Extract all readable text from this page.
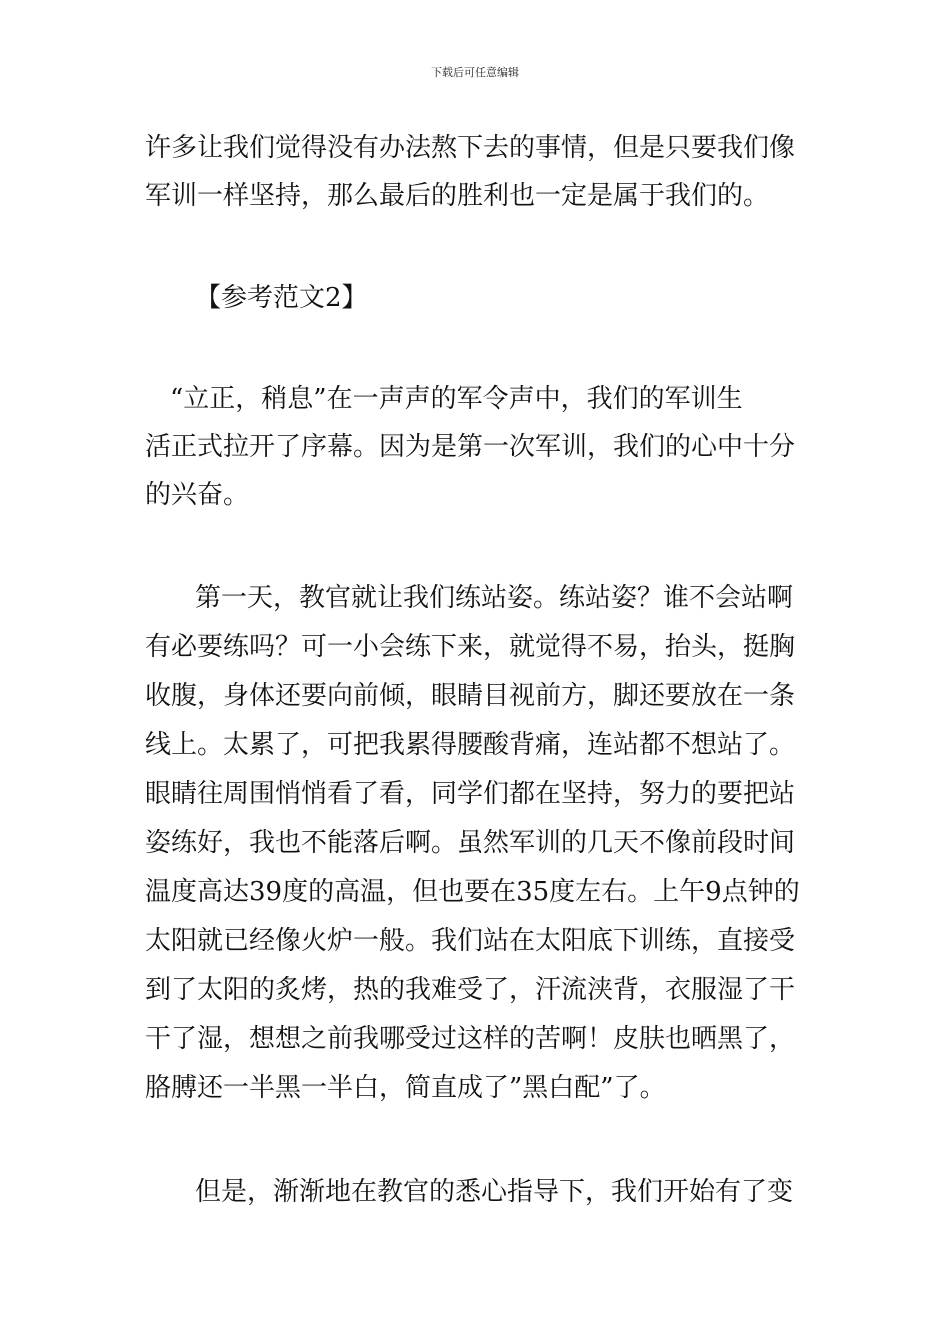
下载后可任意编辑
许多让我们觉得没有办法熬下去的事情，但是只要我们像
军训一样坚持，那么最后的胜利也一定是属于我们的。
【参考范文2】
“立正，稍息”在一声声的军令声中，我们的军训生
活正式拉开了序幕。因为是第一次军训，我们的心中十分
的兴奋。
第一天，教官就让我们练站姿。练站姿？谁不会站啊
有必要练吗？可一小会练下来，就觉得不易，抬头，挺胸
收腹，身体还要向前倾，眼睛目视前方，脚还要放在一条
线上。太累了，可把我累得腰酸背痛，连站都不想站了。
眼睛往周围悄悄看了看，同学们都在坚持，努力的要把站
姿练好，我也不能落后啊。虽然军训的几天不像前段时间
温度高达39度的高温，但也要在35度左右。上午9点钟的
太阳就已经像火炉一般。我们站在太阳底下训练，直接受
到了太阳的炙烤，热的我难受了，汗流浃背，衣服湿了干
干了湿，想想之前我哪受过这样的苦啊！皮肤也晒黑了，
胳膊还一半黑一半白，简直成了”黑白配”了。
但是，渐渐地在教官的悉心指导下，我们开始有了变
